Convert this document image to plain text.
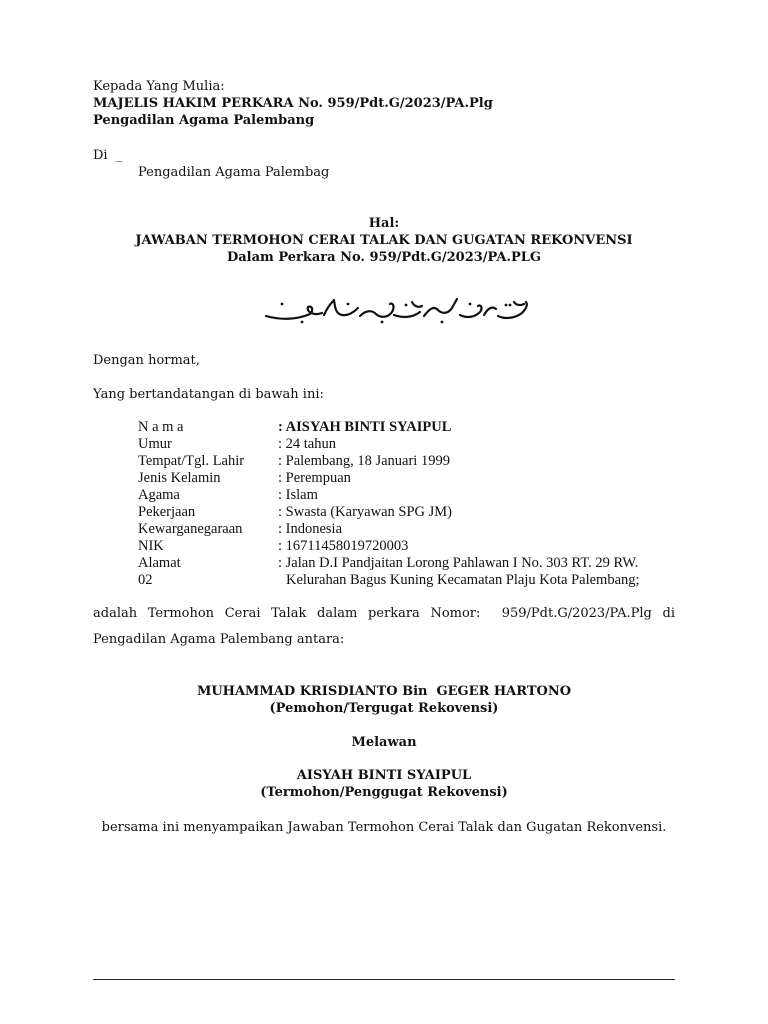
Kepada Yang Mulia:
MAJELIS HAKIM PERKARA No. 959/Pdt.G/2023/PA.Plg
Pengadilan Agama Palembang
Di  _
Pengadilan Agama Palembag
Hal:
JAWABAN TERMOHON CERAI TALAK DAN GUGATAN REKONVENSI
Dalam Perkara No. 959/Pdt.G/2023/PA.PLG
Dengan hormat,
Yang bertandatangan di bawah ini:
N a m a	: AISYAH BINTI SYAIPUL
Umur	: 24 tahun
Tempat/Tgl. Lahir : Palembang, 18 Januari 1999
Jenis Kelamin	: Perempuan
Agama	: Islam
Pekerjaan	: Swasta (Karyawan SPG JM)
Kewarganegaraan : Indonesia
NIK	: 16711458019720003
Alamat	: Jalan D.I Pandjaitan Lorong Pahlawan I No. 303 RT. 29 RW.
02	Kelurahan Bagus Kuning Kecamatan Plaju Kota Palembang;
adalah Termohon Cerai Talak dalam perkara Nomor:  959/Pdt.G/2023/PA.Plg di
Pengadilan Agama Palembang antara:
MUHAMMAD KRISDIANTO Bin  GEGER HARTONO
(Pemohon/Tergugat Rekovensi)
Melawan
AISYAH BINTI SYAIPUL
(Termohon/Penggugat Rekovensi)
bersama ini menyampaikan Jawaban Termohon Cerai Talak dan Gugatan Rekonvensi.
